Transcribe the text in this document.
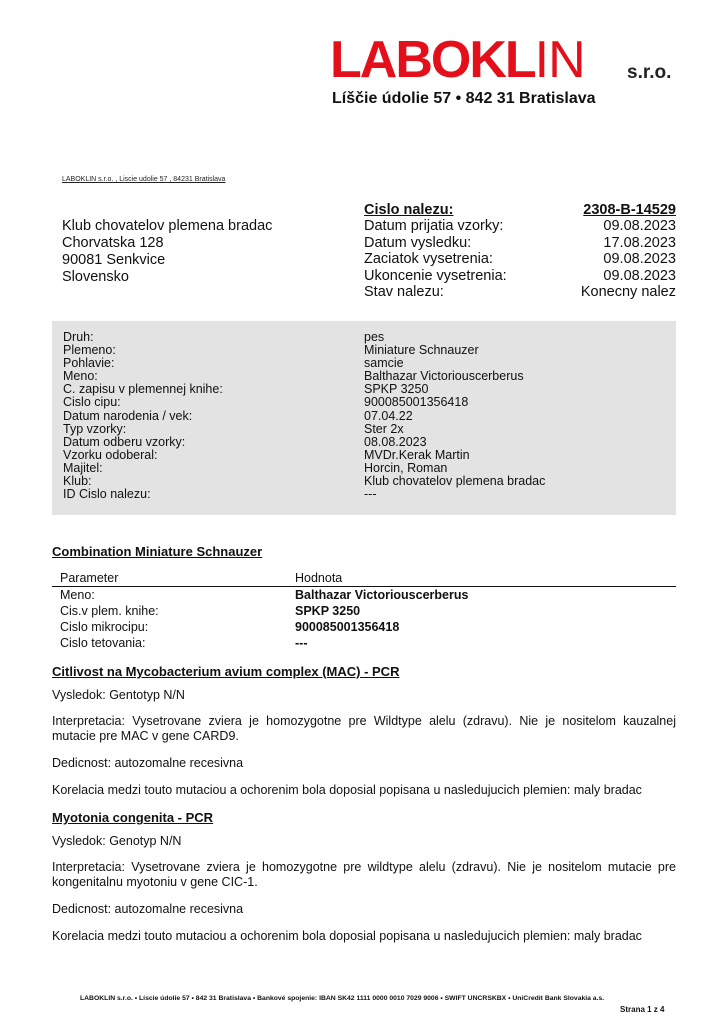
LABOKLIN	s.r.o.
Líščie údolie 57 • 842 31 Bratislava
LABOKLIN s.r.o. , Liscie udolie 57 , 84231 Bratislava
Klub chovatelov plemena bradac
Chorvatska 128
90081 Senkvice
Slovensko
Cislo nalezu:	2308-B-14529
Datum prijatia vzorky:	09.08.2023
Datum vysledku:	17.08.2023
Zaciatok vysetrenia:	09.08.2023
Ukoncenie vysetrenia:	09.08.2023
Stav nalezu:	Konecny nalez
Druh:	pes
Plemeno:	Miniature Schnauzer
Pohlavie:	samcie
Meno:	Balthazar Victoriouscerberus
C. zapisu v plemennej knihe:	SPKP 3250
Cislo cipu:	900085001356418
Datum narodenia / vek:	07.04.22
Typ vzorky:	Ster 2x
Datum odberu vzorky:	08.08.2023
Vzorku odoberal:	MVDr.Kerak Martin
Majitel:	Horcin, Roman
Klub:	Klub chovatelov plemena bradac
ID Cislo nalezu:	---
Combination Miniature Schnauzer
Parameter	Hodnota
Meno:	Balthazar Victoriouscerberus
Cis.v plem. knihe:	SPKP 3250
Cislo mikrocipu:	900085001356418
Cislo tetovania:	---
Citlivost na Mycobacterium avium complex (MAC) - PCR
Vysledok: Gentotyp N/N
Interpretacia: Vysetrovane zviera je homozygotne pre Wildtype alelu (zdravu). Nie je nositelom kauzalnej mutacie pre MAC v gene CARD9.
Dedicnost: autozomalne recesivna
Korelacia medzi touto mutaciou a ochorenim bola doposial popisana u nasledujucich plemien: maly bradac
Myotonia congenita - PCR
Vysledok: Genotyp N/N
Interpretacia: Vysetrovane zviera je homozygotne pre wildtype alelu (zdravu). Nie je nositelom mutacie pre kongenitalnu myotoniu v gene CIC-1.
Dedicnost: autozomalne recesivna
Korelacia medzi touto mutaciou a ochorenim bola doposial popisana u nasledujucich plemien: maly bradac
LABOKLIN s.r.o. • Líscie údolie 57 • 842 31 Bratislava • Bankové spojenie: IBAN SK42 1111 0000 0010 7029 9006 • SWIFT UNCRSKBX • UniCredit Bank Slovakia a.s.
Strana 1 z 4
